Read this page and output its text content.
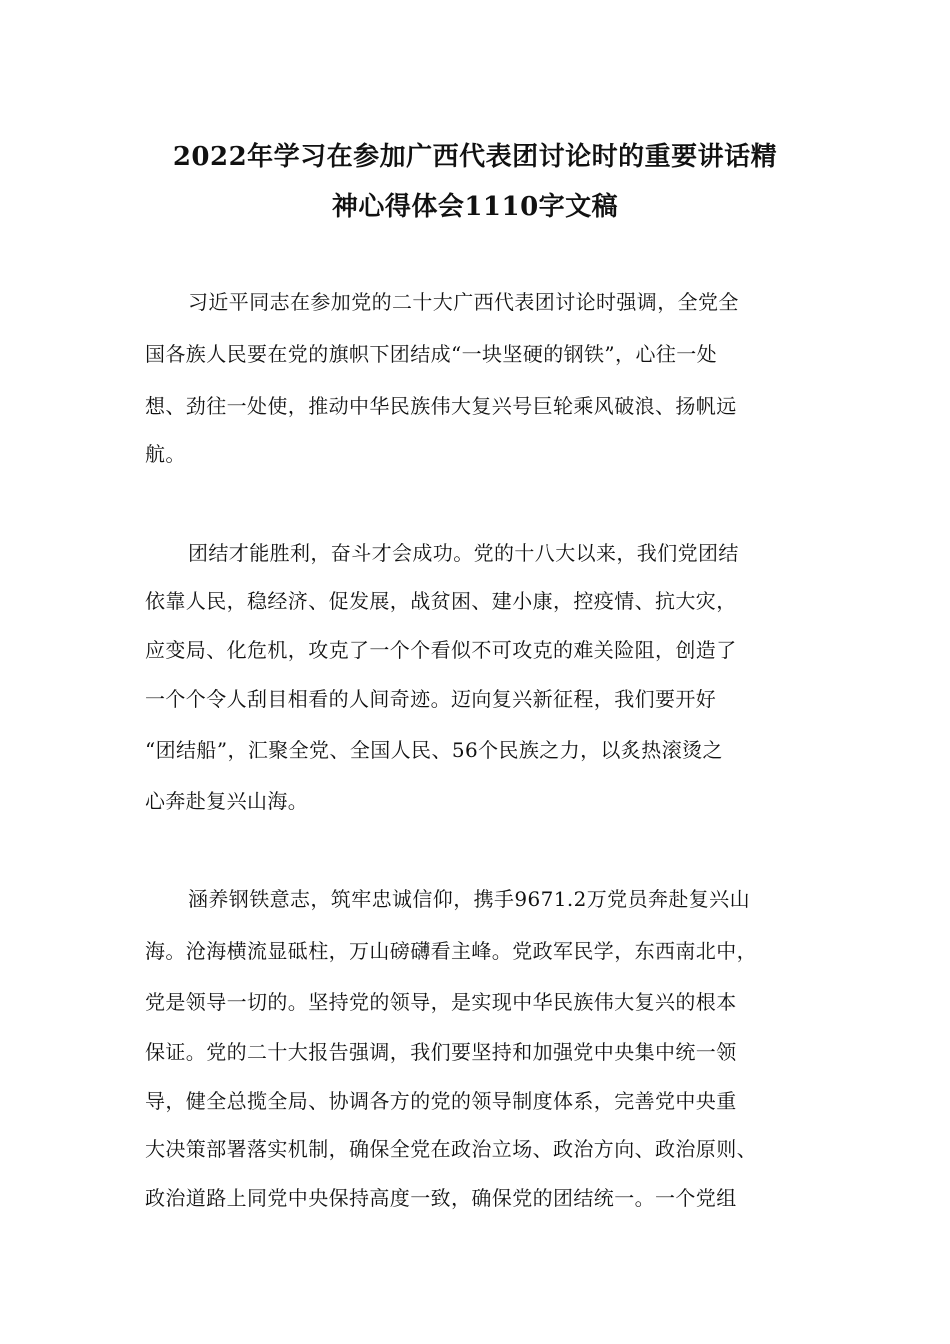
2022年学习在参加广西代表团讨论时的重要讲话精
神心得体会1110字文稿
习近平同志在参加党的二十大广西代表团讨论时强调，全党全
国各族人民要在党的旗帜下团结成“一块坚硬的钢铁”，心往一处
想、劲往一处使，推动中华民族伟大复兴号巨轮乘风破浪、扬帆远
航。
团结才能胜利，奋斗才会成功。党的十八大以来，我们党团结
依靠人民，稳经济、促发展，战贫困、建小康，控疫情、抗大灾，
应变局、化危机，攻克了一个个看似不可攻克的难关险阻，创造了
一个个令人刮目相看的人间奇迹。迈向复兴新征程，我们要开好
“团结船”，汇聚全党、全国人民、56个民族之力，以炙热滚烫之
心奔赴复兴山海。
涵养钢铁意志，筑牢忠诚信仰，携手9671.2万党员奔赴复兴山
海。沧海横流显砥柱，万山磅礴看主峰。党政军民学，东西南北中，
党是领导一切的。坚持党的领导，是实现中华民族伟大复兴的根本
保证。党的二十大报告强调，我们要坚持和加强党中央集中统一领
导，健全总揽全局、协调各方的党的领导制度体系，完善党中央重
大决策部署落实机制，确保全党在政治立场、政治方向、政治原则、
政治道路上同党中央保持高度一致，确保党的团结统一。一个党组
